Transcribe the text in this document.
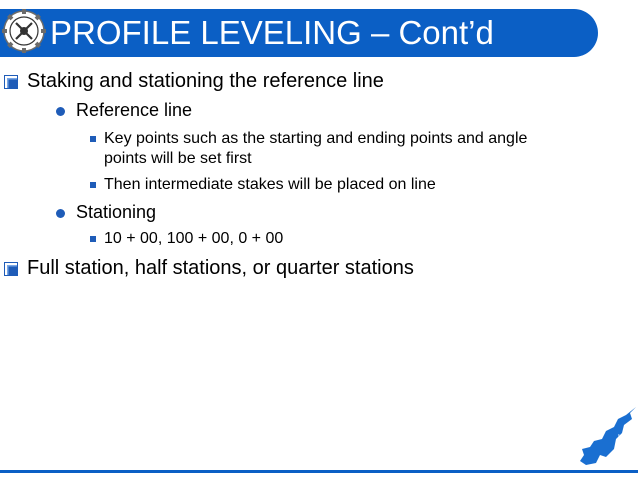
PROFILE LEVELING – Cont’d
Staking and stationing the reference line
Reference line
Key points such as the starting and ending points and angle
points will be set first
Then intermediate stakes will be placed on line
Stationing
10 + 00, 100 + 00, 0 + 00
Full station, half stations, or quarter stations
UET
